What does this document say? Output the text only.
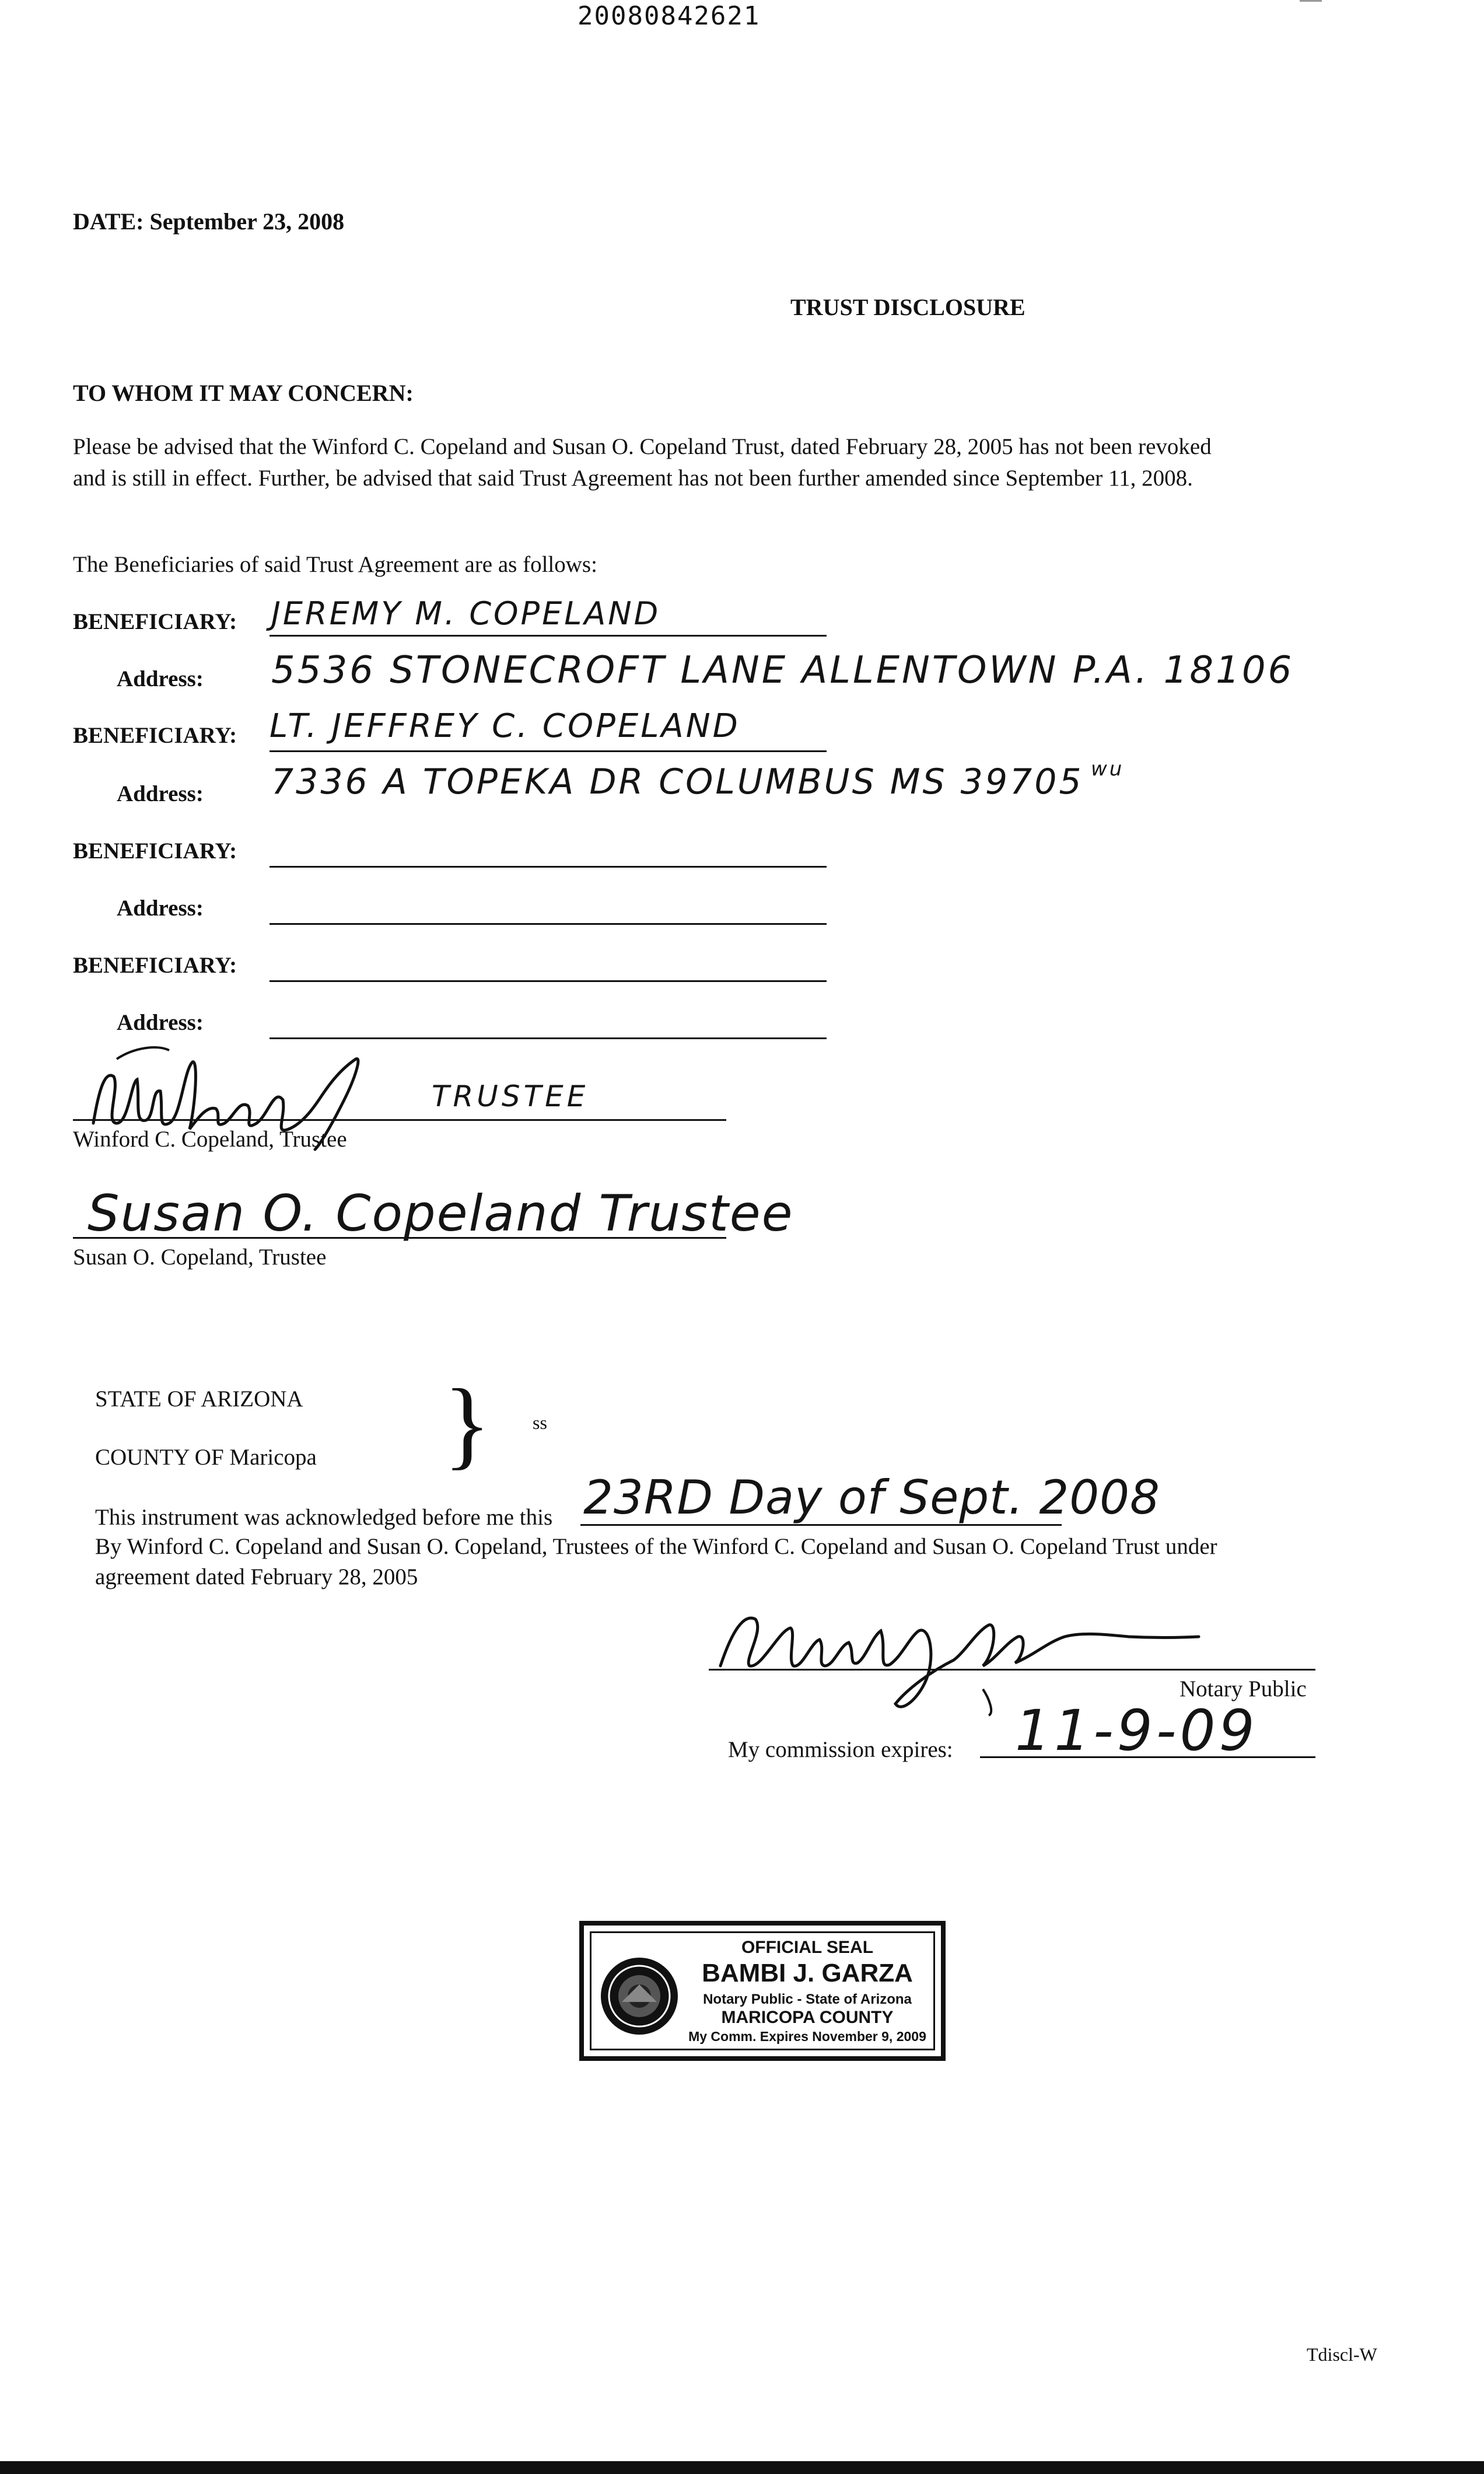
20080842621
DATE: September 23, 2008
TRUST DISCLOSURE
TO WHOM IT MAY CONCERN:
Please be advised that the Winford C. Copeland and Susan O. Copeland Trust, dated February 28, 2005 has not been revoked
and is still in effect. Further, be advised that said Trust Agreement has not been further amended since September 11, 2008.
The Beneficiaries of said Trust Agreement are as follows:
BENEFICIARY: JEREMY M. COPELAND
Address: 5536 STONECROFT LANE ALLENTOWN P.A. 18106
BENEFICIARY: LT. JEFFREY C. COPELAND
Address: 7336 A TOPEKA DR COLUMBUS MS 39705 wu
BENEFICIARY:
Address:
BENEFICIARY:
Address:
TRUSTEE
Winford C. Copeland, Trustee
Susan O. Copeland Trustee
Susan O. Copeland, Trustee
STATE OF ARIZONA
COUNTY OF Maricopa } ss
This instrument was acknowledged before me this 23RD Day of Sept. 2008
By Winford C. Copeland and Susan O. Copeland, Trustees of the Winford C. Copeland and Susan O. Copeland Trust under
agreement dated February 28, 2005
Notary Public
My commission expires: 11-9-09
OFFICIAL SEAL
BAMBI J. GARZA
Notary Public - State of Arizona
MARICOPA COUNTY
My Comm. Expires November 9, 2009
Tdiscl-W
